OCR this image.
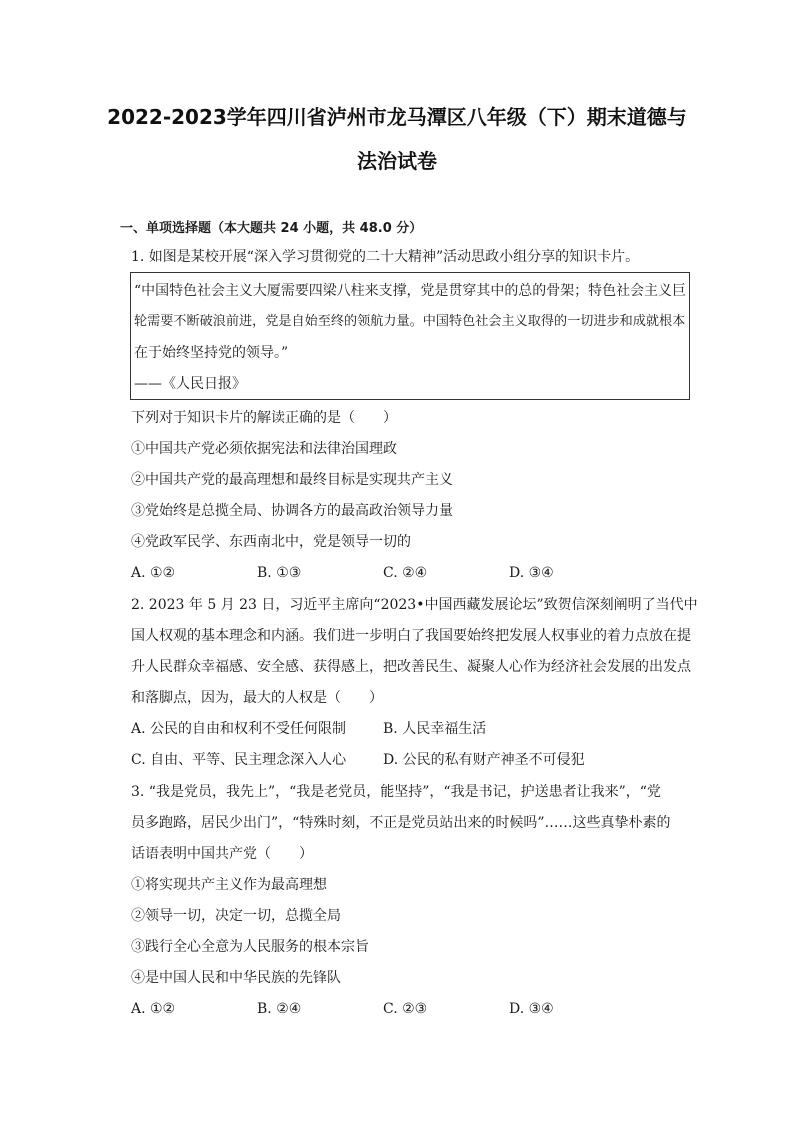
2022-2023学年四川省泸州市龙马潭区八年级（下）期末道德与
法治试卷

一、单项选择题（本大题共 24 小题，共 48.0 分）

1. 如图是某校开展“深入学习贯彻党的二十大精神”活动思政小组分享的知识卡片。

“中国特色社会主义大厦需要四梁八柱来支撑，党是贯穿其中的总的骨架；特色社会主义巨

轮需要不断破浪前进，党是自始至终的领航力量。中国特色社会主义取得的一切进步和成就根本

在于始终坚持党的领导。”

——《人民日报》

下列对于知识卡片的解读正确的是（　　）

①中国共产党必须依据宪法和法律治国理政

②中国共产党的最高理想和最终目标是实现共产主义

③党始终是总揽全局、协调各方的最高政治领导力量

④党政军民学、东西南北中，党是领导一切的

A. ①②	B. ①③	C. ②④	D. ③④

2. 2023 年 5 月 23 日，习近平主席向“2023•中国西藏发展论坛”致贺信深刻阐明了当代中

国人权观的基本理念和内涵。我们进一步明白了我国要始终把发展人权事业的着力点放在提

升人民群众幸福感、安全感、获得感上，把改善民生、凝聚人心作为经济社会发展的出发点

和落脚点，因为，最大的人权是（　　）

A. 公民的自由和权利不受任何限制	B. 人民幸福生活
C. 自由、平等、民主理念深入人心	D. 公民的私有财产神圣不可侵犯

3. “我是党员，我先上”，“我是老党员，能坚持”，“我是书记，护送患者让我来”，“党

员多跑路，居民少出门”，“特殊时刻，不正是党员站出来的时候吗”……这些真挚朴素的

话语表明中国共产党（　　）

①将实现共产主义作为最高理想

②领导一切，决定一切，总揽全局

③践行全心全意为人民服务的根本宗旨

④是中国人民和中华民族的先锋队

A. ①②	B. ②④	C. ②③	D. ③④
